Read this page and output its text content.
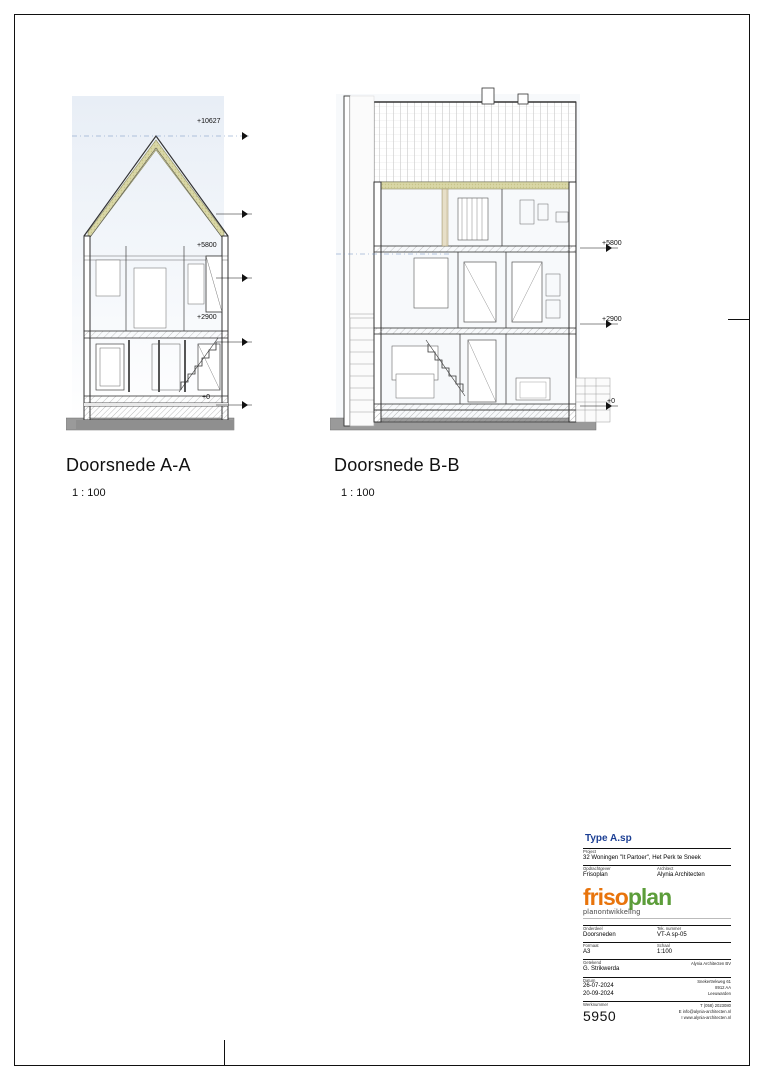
+10627
+5800
+2900
+0
Doorsnede A-A
1 : 100
+5800
+2900
+0
Doorsnede B-B
1 : 100
Type A.sp
Project
32 Woningen "It Partoer", Het Perk te Sneek
Opdrachtgever
Frisoplan
Architect
Alynia Architecten
frisoplan
planontwikkeling
Onderdeel
Doorsneden
Tek. nummer
VT-A sp-05
Formaat
A3
Schaal
1:100
Getekend
G. Strikwerda
Alynia Architecten BV
Datum
26-07-2024
20-09-2024
Snekertrekweg 61
8912 AA
Leeuwarden
Werknummer
5950
T (058) 2023080
E info@alynia-architecten.nl
I www.alynia-architecten.nl
